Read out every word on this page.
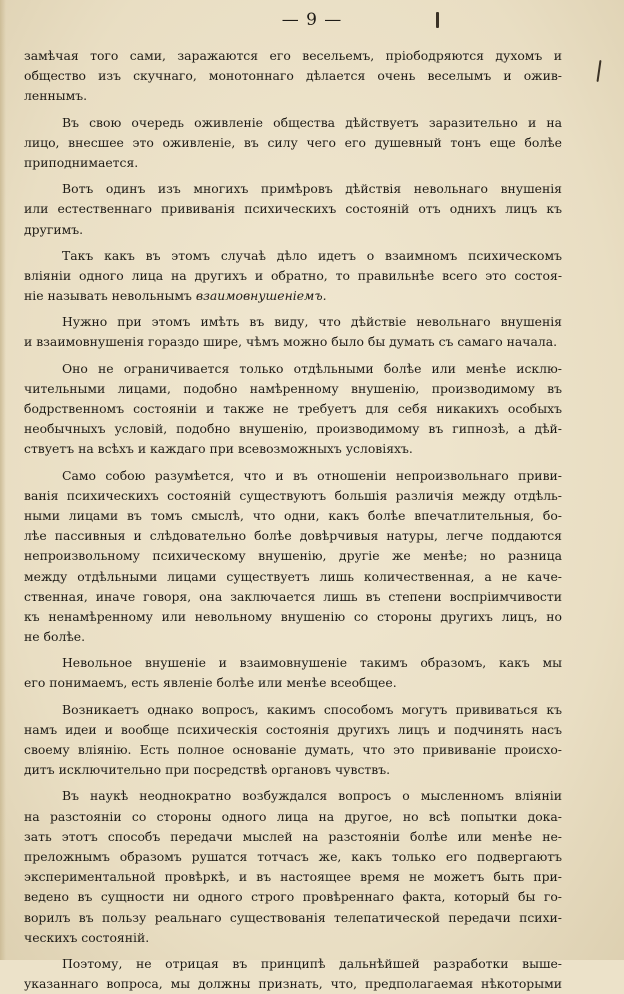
— 9 —
замѣчая того сами, заражаются его весельемъ, пріободряются духомъ и
общество изъ скучнаго, монотоннаго дѣлается очень веселымъ и ожив-
леннымъ.
Въ свою очередь оживленіе общества дѣйствуетъ заразительно и на
лицо, внесшее это оживленіе, въ силу чего его душевный тонъ еще болѣе
приподнимается.
Вотъ одинъ изъ многихъ примѣровъ дѣйствія невольнаго внушенія
или естественнаго прививанія психическихъ состояній отъ однихъ лицъ къ
другимъ.
Такъ какъ въ этомъ случаѣ дѣло идетъ о взаимномъ психическомъ
вліяніи одного лица на другихъ и обратно, то правильнѣе всего это состоя-
ніе называть невольнымъ взаимовнушеніемъ.
Нужно при этомъ имѣть въ виду, что дѣйствіе невольнаго внушенія
и взаимовнушенія гораздо шире, чѣмъ можно было бы думать съ самаго начала.
Оно не ограничивается только отдѣльными болѣе или менѣе исклю-
чительными лицами, подобно намѣренному внушенію, производимому въ
бодрственномъ состояніи и также не требуетъ для себя никакихъ особыхъ
необычныхъ условій, подобно внушенію, производимому въ гипнозѣ, а дѣй-
ствуетъ на всѣхъ и каждаго при всевозможныхъ условіяхъ.
Само собою разумѣется, что и въ отношеніи непроизвольнаго приви-
ванія психическихъ состояній существуютъ большія различія между отдѣль-
ными лицами въ томъ смыслѣ, что одни, какъ болѣе впечатлительныя, бо-
лѣе пассивныя и слѣдовательно болѣе довѣрчивыя натуры, легче поддаются
непроизвольному психическому внушенію, другіе же менѣе; но разница
между отдѣльными лицами существуетъ лишь количественная, а не каче-
ственная, иначе говоря, она заключается лишь въ степени воспріимчивости
къ ненамѣренному или невольному внушенію со стороны другихъ лицъ, но
не болѣе.
Невольное внушеніе и взаимовнушеніе такимъ образомъ, какъ мы
его понимаемъ, есть явленіе болѣе или менѣе всеобщее.
Возникаетъ однако вопросъ, какимъ способомъ могутъ прививаться къ
намъ идеи и вообще психическія состоянія другихъ лицъ и подчинять насъ
своему вліянію. Есть полное основаніе думать, что это прививаніе происхо-
дитъ исключительно при посредствѣ органовъ чувствъ.
Въ наукѣ неоднократно возбуждался вопросъ о мысленномъ вліяніи
на разстояніи со стороны одного лица на другое, но всѣ попытки дока-
зать этотъ способъ передачи мыслей на разстояніи болѣе или менѣе не-
преложнымъ образомъ рушатся тотчасъ же, какъ только его подвергаютъ
экспериментальной провѣркѣ, и въ настоящее время не можетъ быть при-
ведено въ сущности ни одного строго провѣреннаго факта, который бы го-
ворилъ въ пользу реальнаго существованія телепатической передачи психи-
ческихъ состояній.
Поэтому, не отрицая въ принципѣ дальнѣйшей разработки выше-
указаннаго вопроса, мы должны признать, что, предполагаемая нѣкоторыми
